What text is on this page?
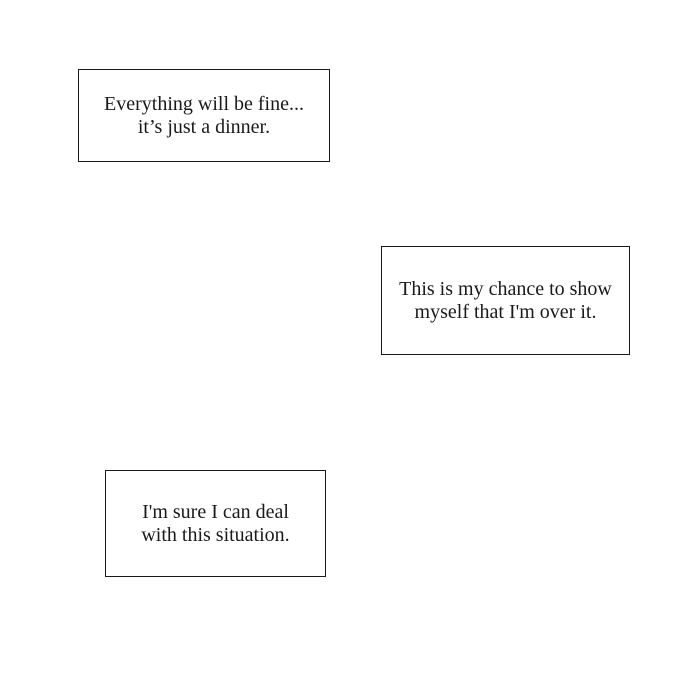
Everything will be fine...
it’s just a dinner.
This is my chance to show
myself that I'm over it.
I'm sure I can deal
with this situation.
